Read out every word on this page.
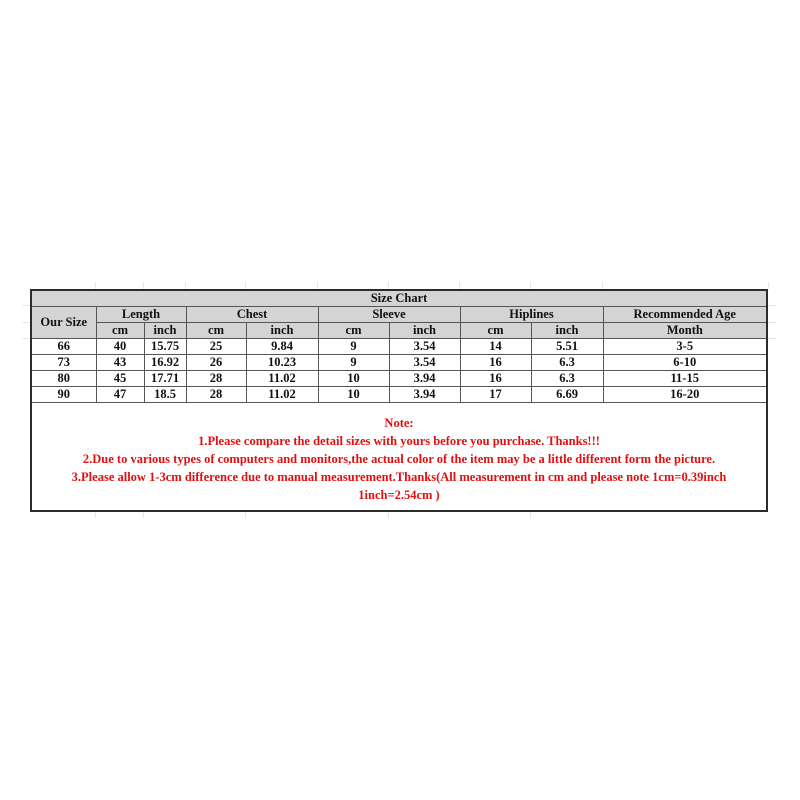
Size Chart									
Our Size	Length		Chest		Sleeve		Hiplines		Recommended Age
	cm	inch	cm	inch	cm	inch	cm	inch	Month
66	40	15.75	25	9.84	9	3.54	14	5.51	3-5
73	43	16.92	26	10.23	9	3.54	16	6.3	6-10
80	45	17.71	28	11.02	10	3.94	16	6.3	11-15
90	47	18.5	28	11.02	10	3.94	17	6.69	16-20
Note:
1.Please compare the detail sizes with yours before you purchase. Thanks!!!
2.Due to various types of computers and monitors,the actual color of the item may be a little different form the picture.
3.Please allow 1-3cm difference due to manual measurement.Thanks(All measurement in cm and please note 1cm=0.39inch
1inch=2.54cm )
